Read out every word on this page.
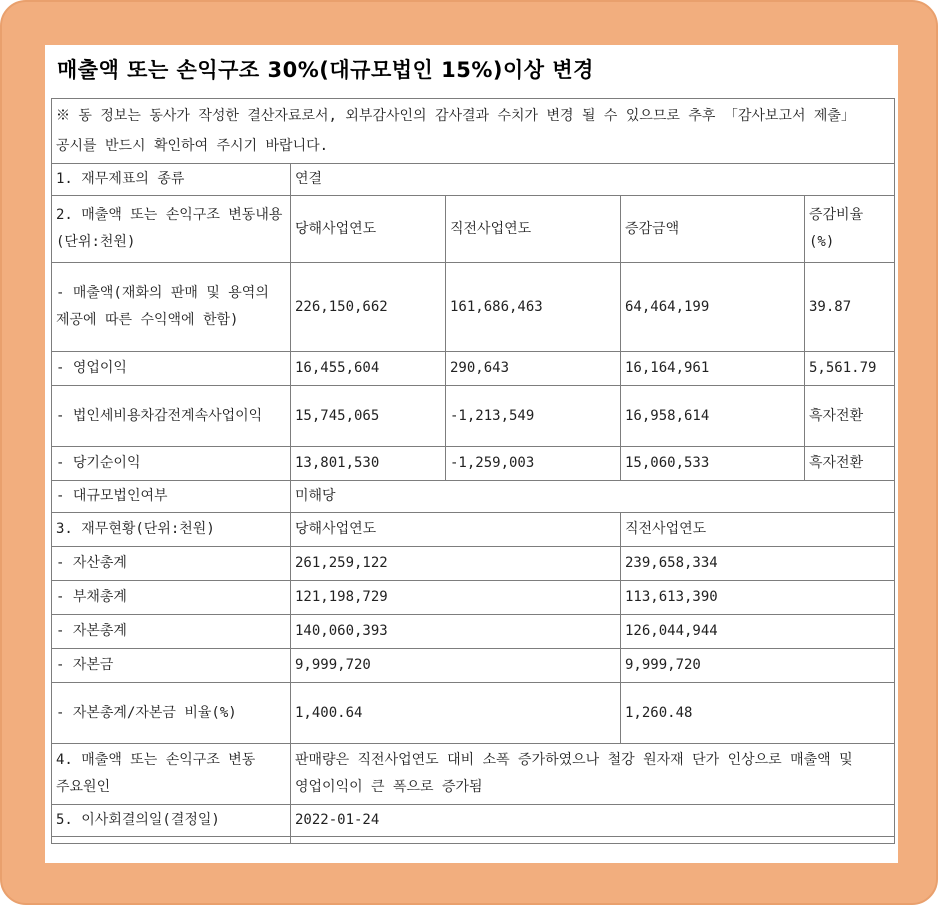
매출액 또는 손익구조 30%(대규모법인 15%)이상 변경
※ 동 정보는 동사가 작성한 결산자료로서, 외부감사인의 감사결과 수치가 변경 될 수 있으므로 추후 「감사보고서 제출」 공시를 반드시 확인하여 주시기 바랍니다.				
1. 재무제표의 종류	연결			
2. 매출액 또는 손익구조 변동내용(단위:천원)	당해사업연도	직전사업연도	증감금액	증감비율 (%)
- 매출액(재화의 판매 및 용역의 제공에 따른 수익액에 한함)	226,150,662	161,686,463	64,464,199	39.87
- 영업이익	16,455,604	290,643	16,164,961	5,561.79
- 법인세비용차감전계속사업이익	15,745,065	-1,213,549	16,958,614	흑자전환
- 당기순이익	13,801,530	-1,259,003	15,060,533	흑자전환
- 대규모법인여부	미해당			
3. 재무현황(단위:천원)	당해사업연도		직전사업연도	
- 자산총계	261,259,122		239,658,334	
- 부채총계	121,198,729		113,613,390	
- 자본총계	140,060,393		126,044,944	
- 자본금	9,999,720		9,999,720	
- 자본총계/자본금 비율(%)	1,400.64		1,260.48	
4. 매출액 또는 손익구조 변동 주요원인	판매량은 직전사업연도 대비 소폭 증가하였으나 철강 원자재 단가 인상으로 매출액 및 영업이익이 큰 폭으로 증가됨			
5. 이사회결의일(결정일)	2022-01-24			
